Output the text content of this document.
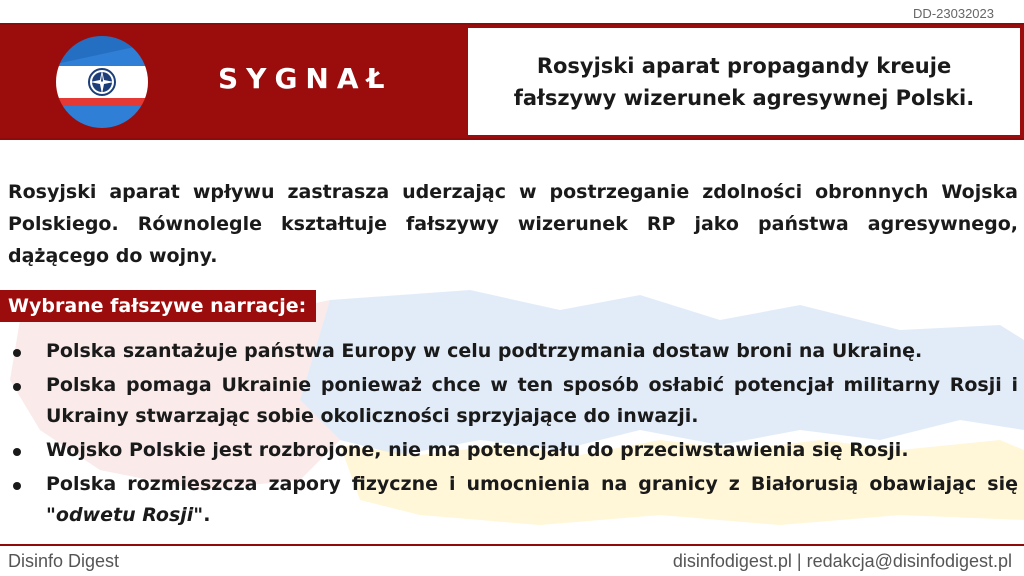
DD-23032023
SYGNAŁ	Rosyjski aparat propagandy kreuje fałszywy wizerunek agresywnej Polski.
Rosyjski aparat wpływu zastrasza uderzając w postrzeganie zdolności obronnych Wojska Polskiego. Równolegle kształtuje fałszywy wizerunek RP jako państwa agresywnego, dążącego do wojny.
Wybrane fałszywe narracje:
Polska szantażuje państwa Europy w celu podtrzymania dostaw broni na Ukrainę.
Polska pomaga Ukrainie ponieważ chce w ten sposób osłabić potencjał militarny Rosji i Ukrainy stwarzając sobie okoliczności sprzyjające do inwazji.
Wojsko Polskie jest rozbrojone, nie ma potencjału do przeciwstawienia się Rosji.
Polska rozmieszcza zapory fizyczne i umocnienia na granicy z Białorusią obawiając się "odwetu Rosji".
Disinfo Digest	disinfodigest.pl | redakcja@disinfodigest.pl
